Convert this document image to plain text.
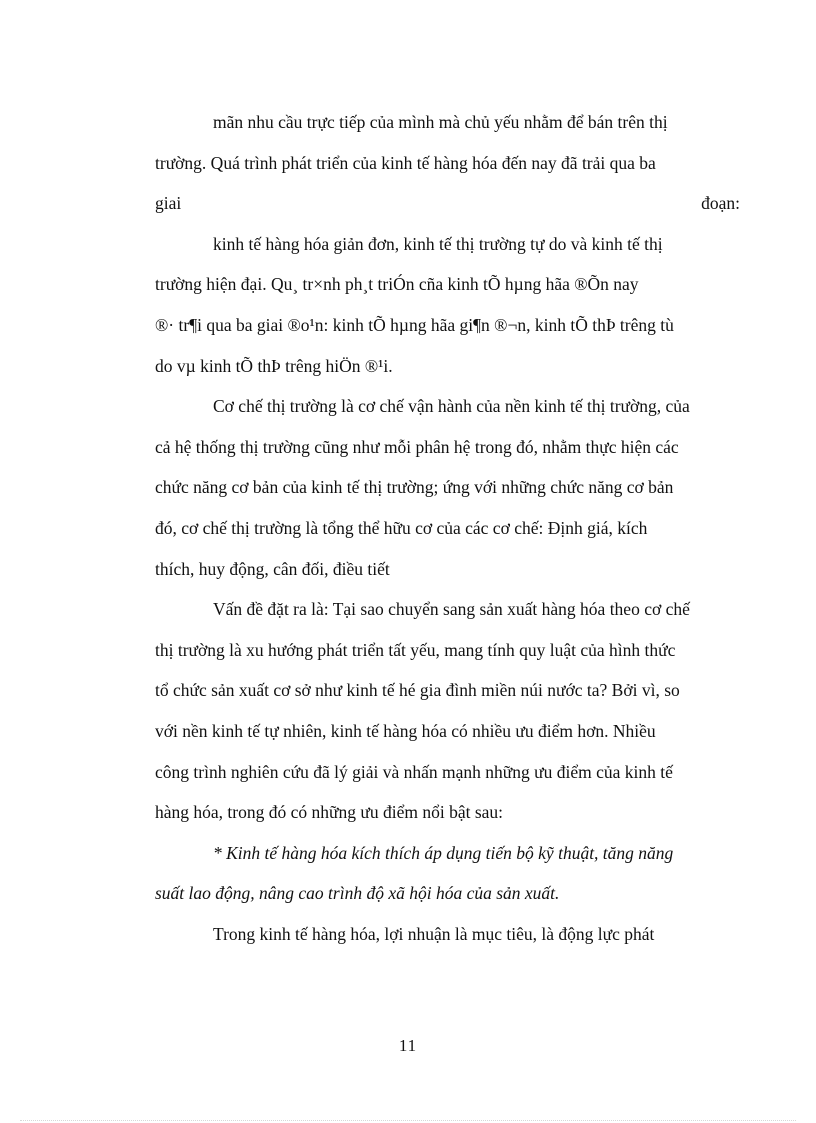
mãn nhu cầu trực tiếp của mình mà chủ yếu nhằm để bán trên thị
trường. Quá trình phát triển của kinh tế hàng hóa đến nay đã trải qua ba
giai	đoạn:
kinh tế hàng hóa giản đơn, kinh tế thị trường tự do và kinh tế thị
trường hiện đại. Qu¸ tr×nh ph¸t triÓn cña kinh tÕ hµng hãa ®Õn nay
®· tr¶i qua ba giai ®o¹n: kinh tÕ hµng hãa gi¶n ®¬n, kinh tÕ thÞ trêng tù
do vµ kinh tÕ thÞ trêng hiÖn ®¹i.
Cơ chế thị trường là cơ chế vận hành của nền kinh tế thị trường, của
cả hệ thống thị trường cũng như mỗi phân hệ trong đó, nhằm thực hiện các
chức năng cơ bản của kinh tế thị trường; ứng với những chức năng cơ bản
đó, cơ chế thị trường là tổng thể hữu cơ của các cơ chế: Định giá, kích
thích, huy động, cân đối, điều tiết
Vấn đề đặt ra là: Tại sao chuyển sang sản xuất hàng hóa theo cơ chế
thị trường là xu hướng phát triển tất yếu, mang tính quy luật của hình thức
tổ chức sản xuất cơ sở như kinh tế hé gia đình miền núi nước ta? Bởi vì, so
với nền kinh tế tự nhiên, kinh tế hàng hóa có nhiều ưu điểm hơn. Nhiều
công trình nghiên cứu đã lý giải và nhấn mạnh những ưu điểm của kinh tế
hàng hóa, trong đó có những ưu điểm nổi bật sau:
* Kinh tế hàng hóa kích thích áp dụng tiến bộ kỹ thuật, tăng năng
suất lao động, nâng cao trình độ xã hội hóa của sản xuất.
Trong kinh tế hàng hóa, lợi nhuận là mục tiêu, là động lực phát
11
